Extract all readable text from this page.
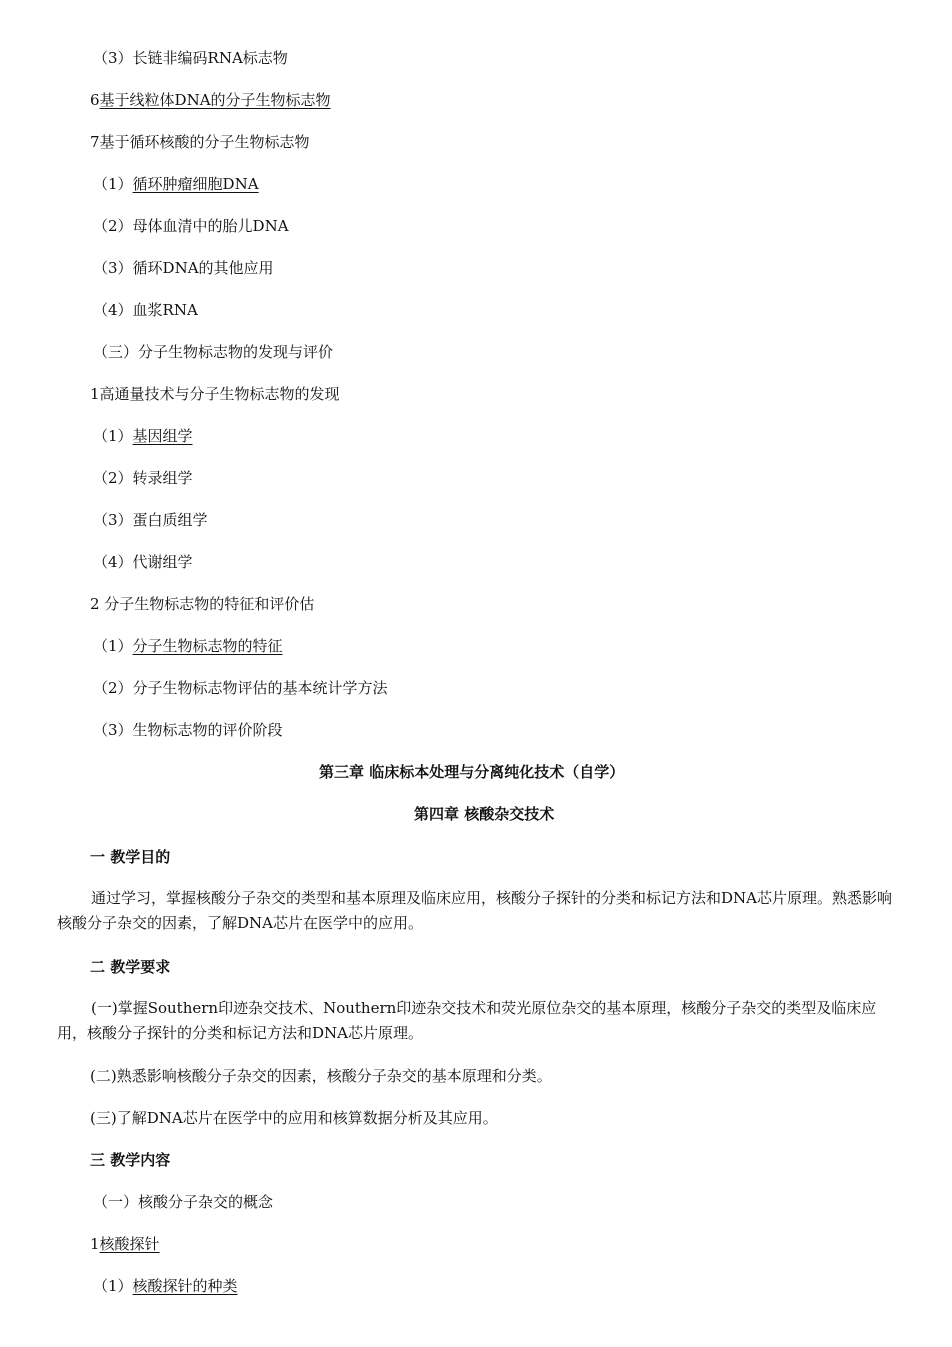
（3）长链非编码RNA标志物
6基于线粒体DNA的分子生物标志物
7基于循环核酸的分子生物标志物
（1）循环肿瘤细胞DNA
（2）母体血清中的胎儿DNA
（3）循环DNA的其他应用
（4）血浆RNA
（三）分子生物标志物的发现与评价
1高通量技术与分子生物标志物的发现
（1）基因组学
（2）转录组学
（3）蛋白质组学
（4）代谢组学
2 分子生物标志物的特征和评价估
（1）分子生物标志物的特征
（2）分子生物标志物评估的基本统计学方法
（3）生物标志物的评价阶段
第三章 临床标本处理与分离纯化技术（自学）
第四章 核酸杂交技术
一 教学目的
通过学习，掌握核酸分子杂交的类型和基本原理及临床应用，核酸分子探针的分类和标记方法和DNA芯片原理。熟悉影响核酸分子杂交的因素，了解DNA芯片在医学中的应用。
二 教学要求
(一)掌握Southern印迹杂交技术、Nouthern印迹杂交技术和荧光原位杂交的基本原理，核酸分子杂交的类型及临床应用，核酸分子探针的分类和标记方法和DNA芯片原理。
(二)熟悉影响核酸分子杂交的因素，核酸分子杂交的基本原理和分类。
(三)了解DNA芯片在医学中的应用和核算数据分析及其应用。
三 教学内容
（一）核酸分子杂交的概念
1核酸探针
（1）核酸探针的种类
